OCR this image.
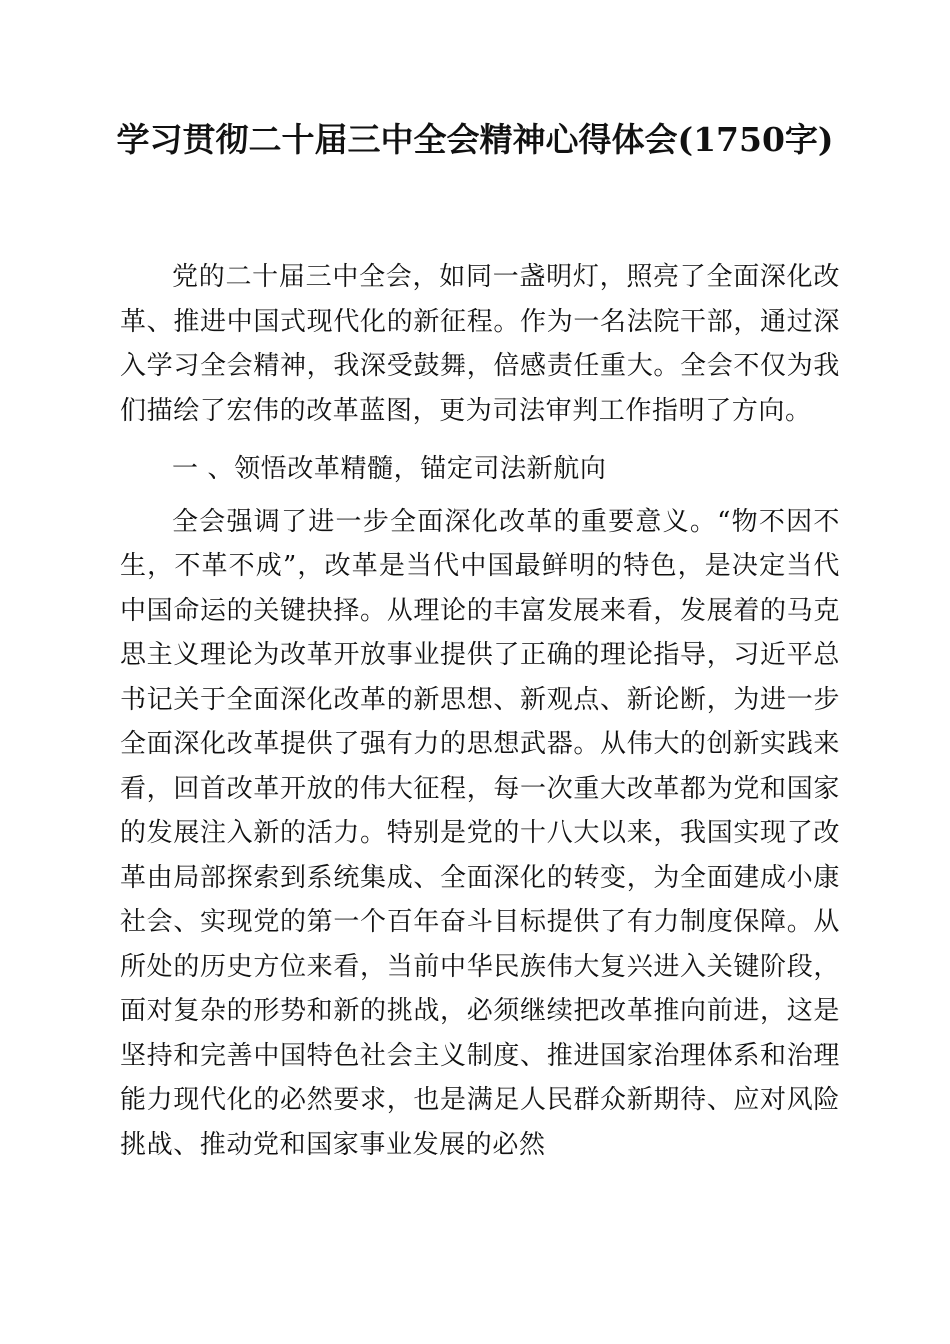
学习贯彻二十届三中全会精神心得体会(1750字)

党的二十届三中全会，如同一盏明灯，照亮了全面深化改革、推进中国式现代化的新征程。作为一名法院干部，通过深入学习全会精神，我深受鼓舞，倍感责任重大。全会不仅为我们描绘了宏伟的改革蓝图，更为司法审判工作指明了方向。

一 、领悟改革精髓，锚定司法新航向

全会强调了进一步全面深化改革的重要意义。“物不因不生，不革不成”，改革是当代中国最鲜明的特色，是决定当代中国命运的关键抉择。从理论的丰富发展来看，发展着的马克思主义理论为改革开放事业提供了正确的理论指导，习近平总书记关于全面深化改革的新思想、新观点、新论断，为进一步全面深化改革提供了强有力的思想武器。从伟大的创新实践来看，回首改革开放的伟大征程，每一次重大改革都为党和国家的发展注入新的活力。特别是党的十八大以来，我国实现了改革由局部探索到系统集成、全面深化的转变，为全面建成小康社会、实现党的第一个百年奋斗目标提供了有力制度保障。从所处的历史方位来看，当前中华民族伟大复兴进入关键阶段，面对复杂的形势和新的挑战，必须继续把改革推向前进，这是坚持和完善中国特色社会主义制度、推进国家治理体系和治理能力现代化的必然要求，也是满足人民群众新期待、应对风险挑战、推动党和国家事业发展的必然
